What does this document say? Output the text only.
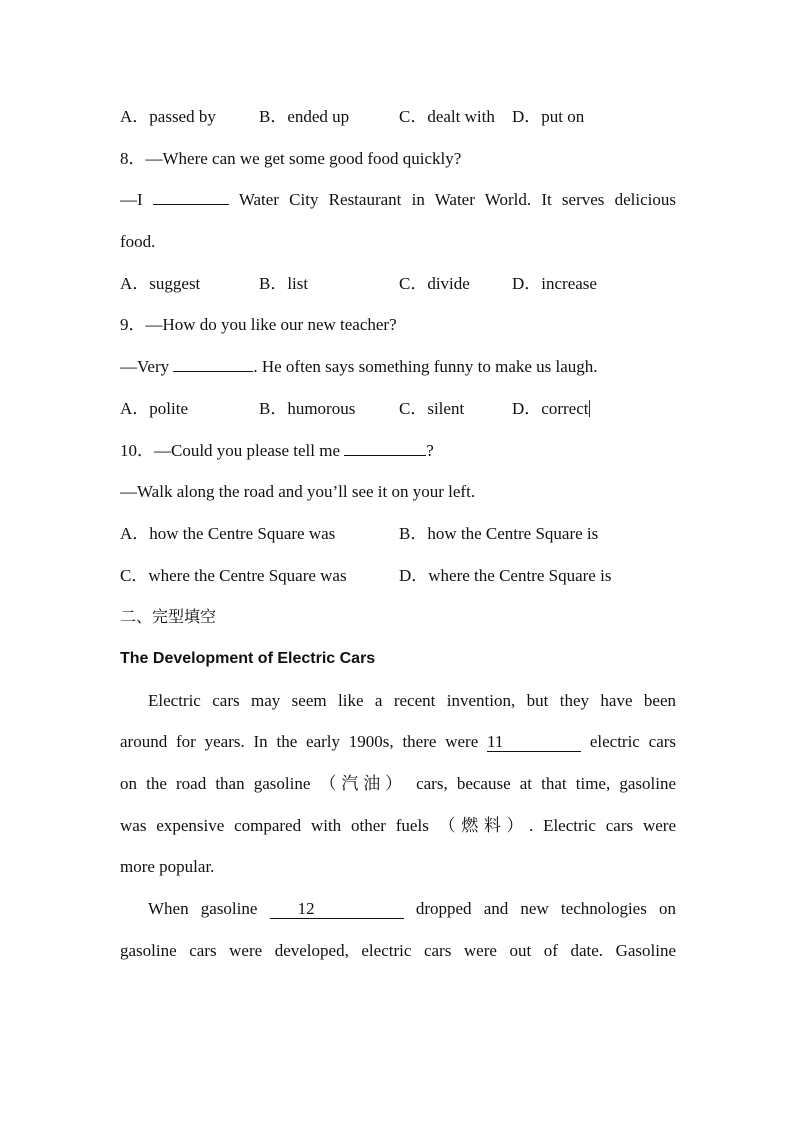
A．passed by	B．ended up	C．dealt with D．put on
8．—Where can we get some good food quickly?
—I	Water City Restaurant in Water World. It serves delicious
food.
A．suggest	B．list	C．divide D．increase
9．—How do you like our new teacher?
—Very	. He often says something funny to make us laugh.
A．polite	B．humorous	C．silent	D．correct
10．—Could you please tell me	?
—Walk along the road and you’ll see it on your left.
A．how the Centre Square was	B．how the Centre Square is
C．where the Centre Square was	D．where the Centre Square is
二、完型填空
The Development of Electric Cars
Electric cars may seem like a recent invention, but they have been
around for years. In the early 1900s, there were 11	electric cars
on the road than gasoline （汽油） cars, because at that time, gasoline
was expensive compared with other fuels （燃料）. Electric cars were
more popular.
When gasoline 12	dropped and new technologies on
gasoline cars were developed, electric cars were out of date. Gasoline
